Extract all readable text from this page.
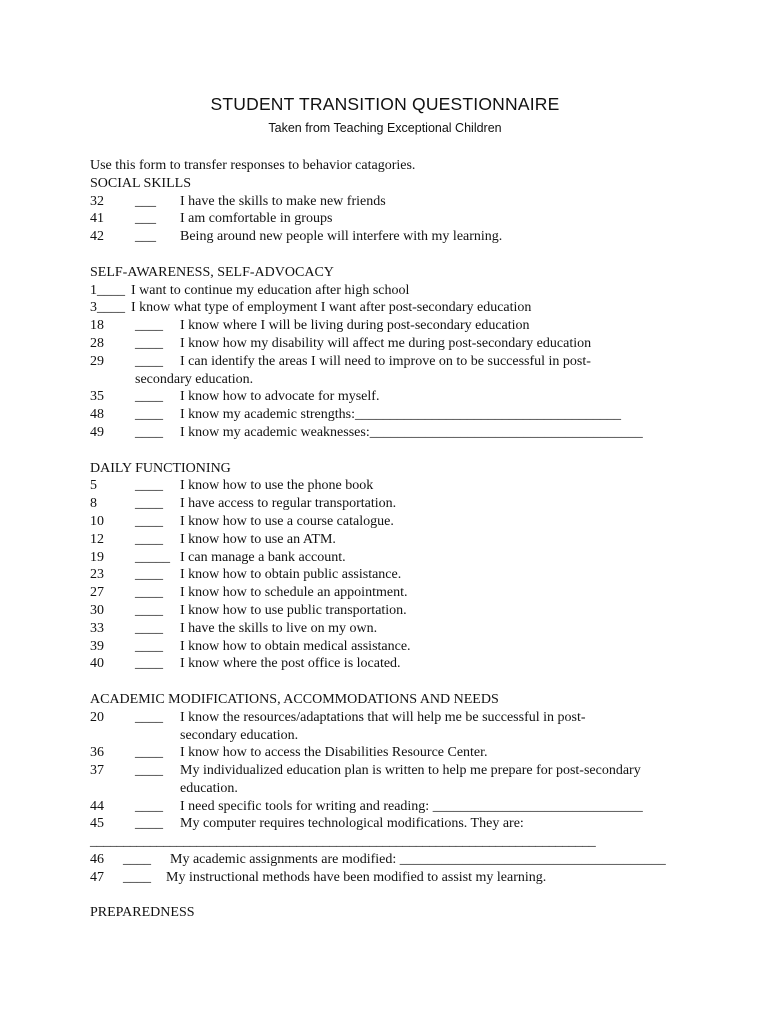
STUDENT TRANSITION QUESTIONNAIRE
Taken from Teaching Exceptional Children
Use this form to transfer responses to behavior catagories.
SOCIAL SKILLS
32	___	I have the skills to make new friends
41	___	I am comfortable in groups
42	___	Being around new people will interfere with my learning.
SELF-AWARENESS, SELF-ADVOCACY
1____ I want to continue my education after high school
3____ I know what type of employment I want after post-secondary education
18	____	I know where I will be living during post-secondary education
28	____	I know how my disability will affect me during post-secondary education
29	____	I can identify the areas I will need to improve on to be successful in post-
secondary education.
35	____	I know how to advocate for myself.
48	____	I know my academic strengths:______________________________________
49	____	I know my academic weaknesses:_______________________________________
DAILY FUNCTIONING
5	____	I know how to use the phone book
8	____	I have access to regular transportation.
10	____	I know how to use a course catalogue.
12	____	I know how to use an ATM.
19	_____ I can manage a bank account.
23	____	I know how to obtain public assistance.
27	____	I know how to schedule an appointment.
30	____	I know how to use public transportation.
33	____	I have the skills to live on my own.
39	____	I know how to obtain medical assistance.
40	____	I know where the post office is located.
ACADEMIC MODIFICATIONS, ACCOMMODATIONS AND NEEDS
20	____	I know the resources/adaptations that will help me be successful in post-
secondary education.
36	____	I know how to access the Disabilities Resource Center.
37	____	My individualized education plan is written to help me prepare for post-secondary
education.
44	____	I need specific tools for writing and reading: ______________________________
45	____	My computer requires technological modifications. They are:
____________________________________________________________________________
46	____	My academic assignments are modified: ______________________________________
47	____	My instructional methods have been modified to assist my learning.
PREPAREDNESS
